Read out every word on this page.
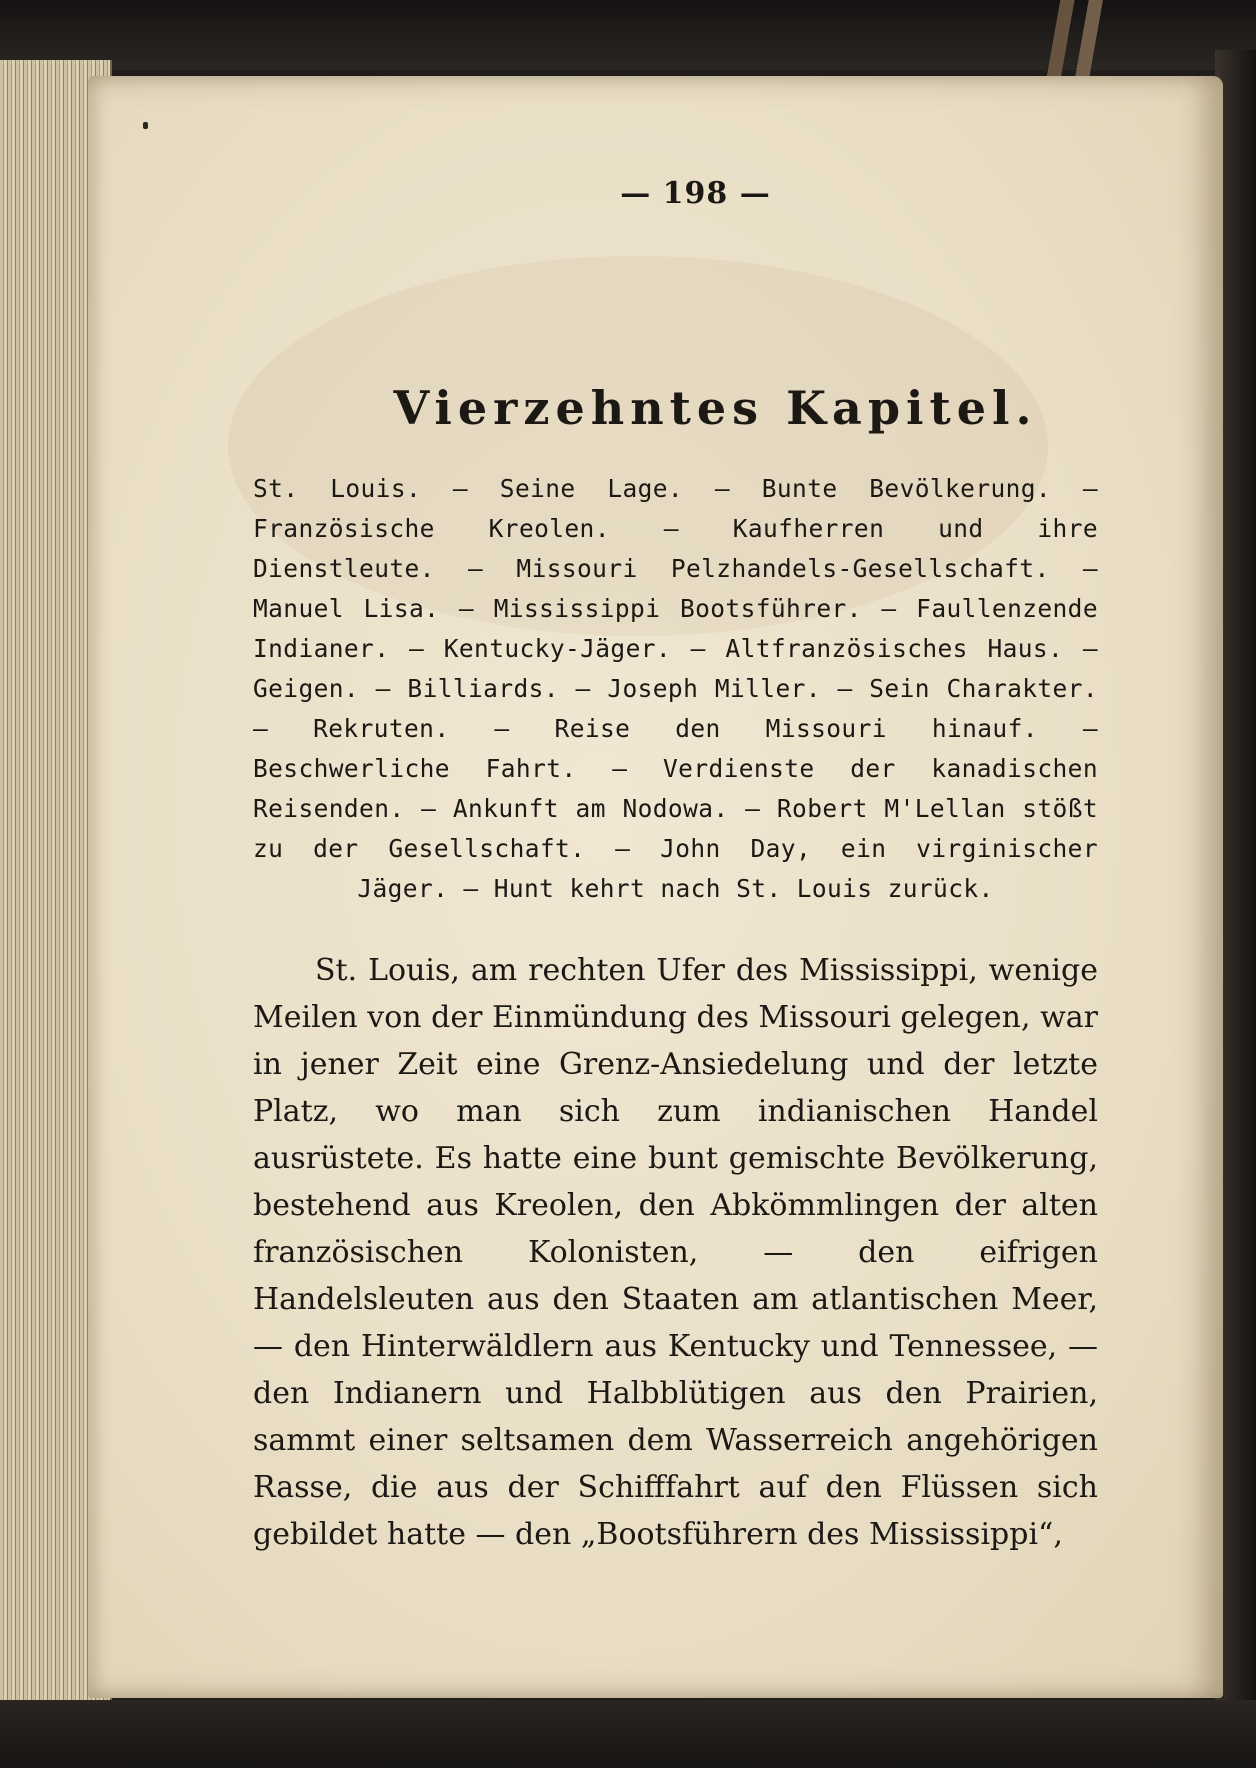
— 198 —
Vierzehntes Kapitel.

St. Louis. — Seine Lage. — Bunte Bevölkerung. — Französische Kreolen. — Kaufherren und ihre Dienstleute. — Missouri Pelzhandels-Gesellschaft. — Manuel Lisa. — Mississippi Bootsführer. — Faullenzende Indianer. — Kentucky-Jäger. — Altfranzösisches Haus. — Geigen. — Billiards. — Joseph Miller. — Sein Charakter. — Rekruten. — Reise den Missouri hinauf. — Beschwerliche Fahrt. — Verdienste der kanadischen Reisenden. — Ankunft am Nodowa. — Robert M'Lellan stößt zu der Gesellschaft. — John Day, ein virginischer Jäger. — Hunt kehrt nach St. Louis zurück.

St. Louis, am rechten Ufer des Mississippi, wenige Meilen von der Einmündung des Missouri gelegen, war in jener Zeit eine Grenz-Ansiedelung und der letzte Platz, wo man sich zum indianischen Handel ausrüstete. Es hatte eine bunt gemischte Bevölkerung, bestehend aus Kreolen, den Abkömmlingen der alten französischen Kolonisten, — den eifrigen Handelsleuten aus den Staaten am atlantischen Meer, — den Hinterwäldlern aus Kentucky und Tennessee, — den Indianern und Halbblütigen aus den Prairien, sammt einer seltsamen dem Wasserreich angehörigen Rasse, die aus der Schifffahrt auf den Flüssen sich gebildet hatte — den „Bootsführern des Mississippi“,
